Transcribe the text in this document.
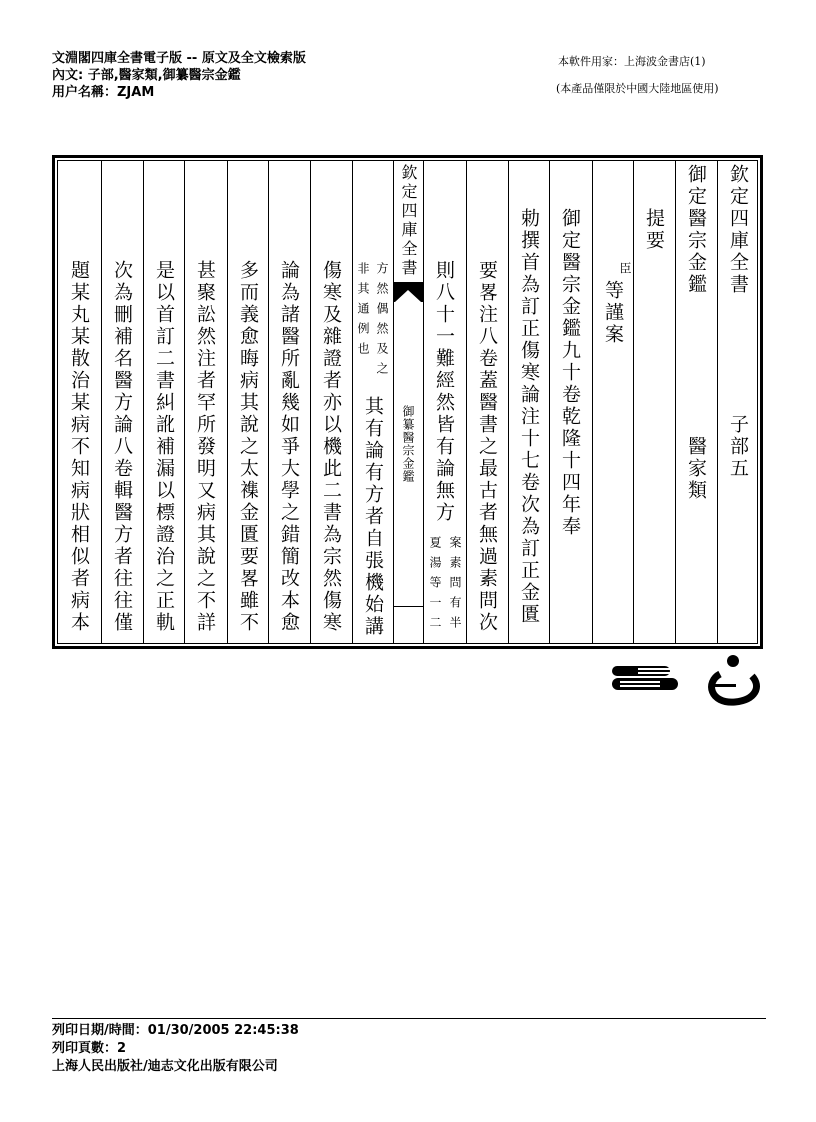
文淵閣四庫全書電子版 -- 原文及全文檢索版
內文: 子部,醫家類,御纂醫宗金鑑
用户名稱：ZJAM
本軟件用家：上海波金書店(1)
(本產品僅限於中國大陸地區使用)
欽定四庫全書
子部五
御定醫宗金鑑
醫家類
提要
臣
等謹案
御定醫宗金鑑九十卷乾隆十四年奉
勅撰首為訂正傷寒論注十七卷次為訂正金匱
要畧注八卷蓋醫書之最古者無過素問次
則八十一難經然皆有論無方
案素問有半
夏湯等一二
欽定四庫全書
御纂醫宗金鑑
方然偶然及之
非其通例也
其有論有方者自張機始講
傷寒及雜證者亦以機此二書為宗然傷寒
論為諸醫所亂幾如爭大學之錯簡改本愈
多而義愈晦病其說之太襍金匱要畧雖不
甚聚訟然注者罕所發明又病其說之不詳
是以首訂二書糾訛補漏以標證治之正軌
次為刪補名醫方論八卷輯醫方者往往僅
題某丸某散治某病不知病狀相似者病本
列印日期/時間：01/30/2005 22:45:38
列印頁數：2
上海人民出版社/迪志文化出版有限公司
